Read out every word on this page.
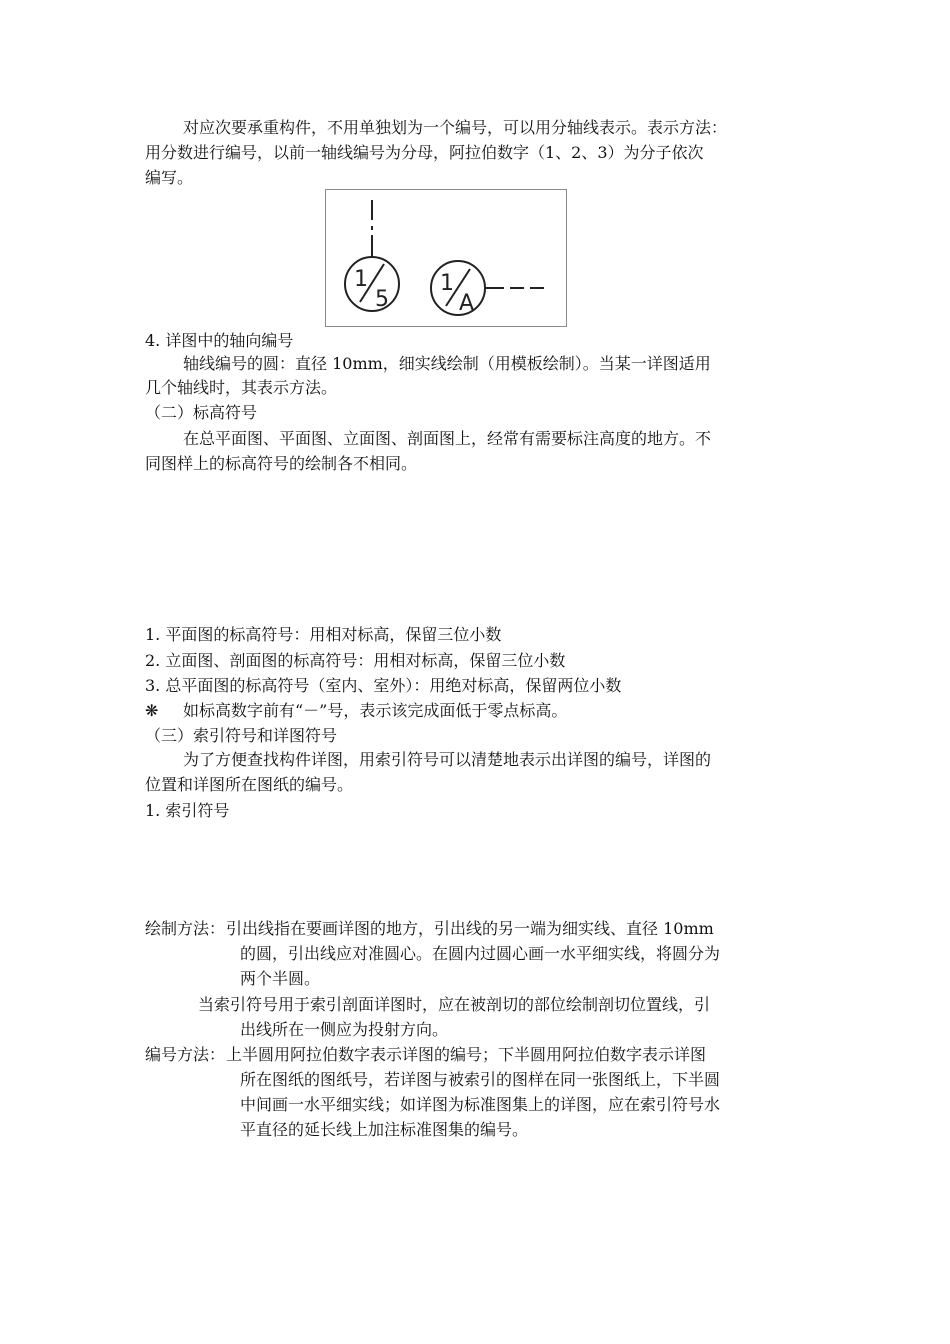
对应次要承重构件，不用单独划为一个编号，可以用分轴线表示。表示方法：
用分数进行编号，以前一轴线编号为分母，阿拉伯数字（1、2、3）为分子依次
编写。
1
5
1
A
4. 详图中的轴向编号
轴线编号的圆：直径 10mm，细实线绘制（用模板绘制）。当某一详图适用
几个轴线时，其表示方法。
（二）标高符号
在总平面图、平面图、立面图、剖面图上，经常有需要标注高度的地方。不
同图样上的标高符号的绘制各不相同。
1. 平面图的标高符号：用相对标高，保留三位小数
2. 立面图、剖面图的标高符号：用相对标高，保留三位小数
3. 总平面图的标高符号（室内、室外）：用绝对标高，保留两位小数
❋ 如标高数字前有“－”号，表示该完成面低于零点标高。
（三）索引符号和详图符号
为了方便查找构件详图，用索引符号可以清楚地表示出详图的编号，详图的
位置和详图所在图纸的编号。
1. 索引符号
绘制方法： 引出线指在要画详图的地方，引出线的另一端为细实线、直径 10mm
的圆，引出线应对准圆心。在圆内过圆心画一水平细实线，将圆分为
两个半圆。
当索引符号用于索引剖面详图时，应在被剖切的部位绘制剖切位置线，引
出线所在一侧应为投射方向。
编号方法： 上半圆用阿拉伯数字表示详图的编号；下半圆用阿拉伯数字表示详图
所在图纸的图纸号，若详图与被索引的图样在同一张图纸上，下半圆
中间画一水平细实线；如详图为标准图集上的详图，应在索引符号水
平直径的延长线上加注标准图集的编号。
